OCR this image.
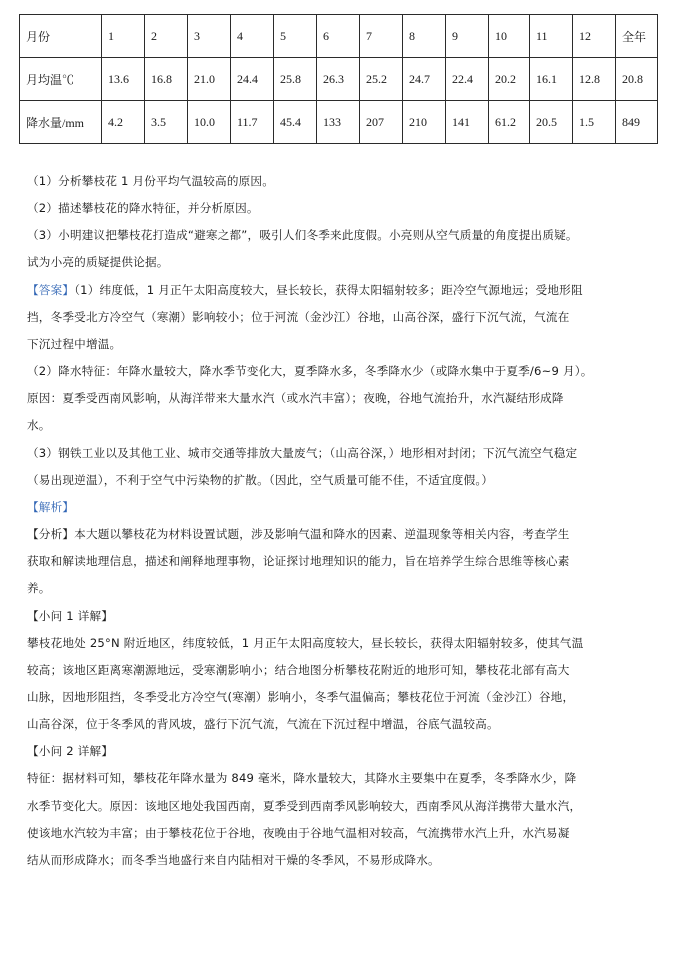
月份	1	2	3	4	5	6	7	8	9	10	11	12	全年
月均温℃	13.6	16.8	21.0	24.4	25.8	26.3	25.2	24.7	22.4	20.2	16.1	12.8	20.8
降水量/mm	4.2	3.5	10.0	11.7	45.4	133	207	210	141	61.2	20.5	1.5	849

（1）分析攀枝花 1 月份平均气温较高的原因。

（2）描述攀枝花的降水特征，并分析原因。

（3）小明建议把攀枝花打造成“避寒之都”，吸引人们冬季来此度假。小亮则从空气质量的角度提出质疑。

试为小亮的质疑提供论据。

【答案】（1）纬度低，1 月正午太阳高度较大，昼长较长，获得太阳辐射较多；距冷空气源地远；受地形阻

挡，冬季受北方冷空气（寒潮）影响较小；位于河流（金沙江）谷地，山高谷深，盛行下沉气流，气流在

下沉过程中增温。

（2）降水特征：年降水量较大，降水季节变化大，夏季降水多，冬季降水少（或降水集中于夏季/6~9 月）。

原因：夏季受西南风影响，从海洋带来大量水汽（或水汽丰富）；夜晚，谷地气流抬升，水汽凝结形成降

水。

（3）钢铁工业以及其他工业、城市交通等排放大量废气；（山高谷深，）地形相对封闭；下沉气流空气稳定

（易出现逆温），不利于空气中污染物的扩散。（因此，空气质量可能不佳，不适宜度假。）

【解析】

【分析】本大题以攀枝花为材料设置试题，涉及影响气温和降水的因素、逆温现象等相关内容，考查学生

获取和解读地理信息，描述和阐释地理事物，论证探讨地理知识的能力，旨在培养学生综合思维等核心素

养。

【小问 1 详解】

攀枝花地处 25°N 附近地区，纬度较低，1 月正午太阳高度较大，昼长较长，获得太阳辐射较多，使其气温

较高；该地区距离寒潮源地远，受寒潮影响小；结合地图分析攀枝花附近的地形可知，攀枝花北部有高大

山脉，因地形阻挡，冬季受北方冷空气(寒潮）影响小，冬季气温偏高；攀枝花位于河流（金沙江）谷地，

山高谷深，位于冬季风的背风坡，盛行下沉气流，气流在下沉过程中增温，谷底气温较高。

【小问 2 详解】

特征：据材料可知，攀枝花年降水量为 849 毫米，降水量较大，其降水主要集中在夏季，冬季降水少，降

水季节变化大。原因：该地区地处我国西南，夏季受到西南季风影响较大，西南季风从海洋携带大量水汽，

使该地水汽较为丰富；由于攀枝花位于谷地，夜晚由于谷地气温相对较高，气流携带水汽上升，水汽易凝

结从而形成降水；而冬季当地盛行来自内陆相对干燥的冬季风，不易形成降水。
